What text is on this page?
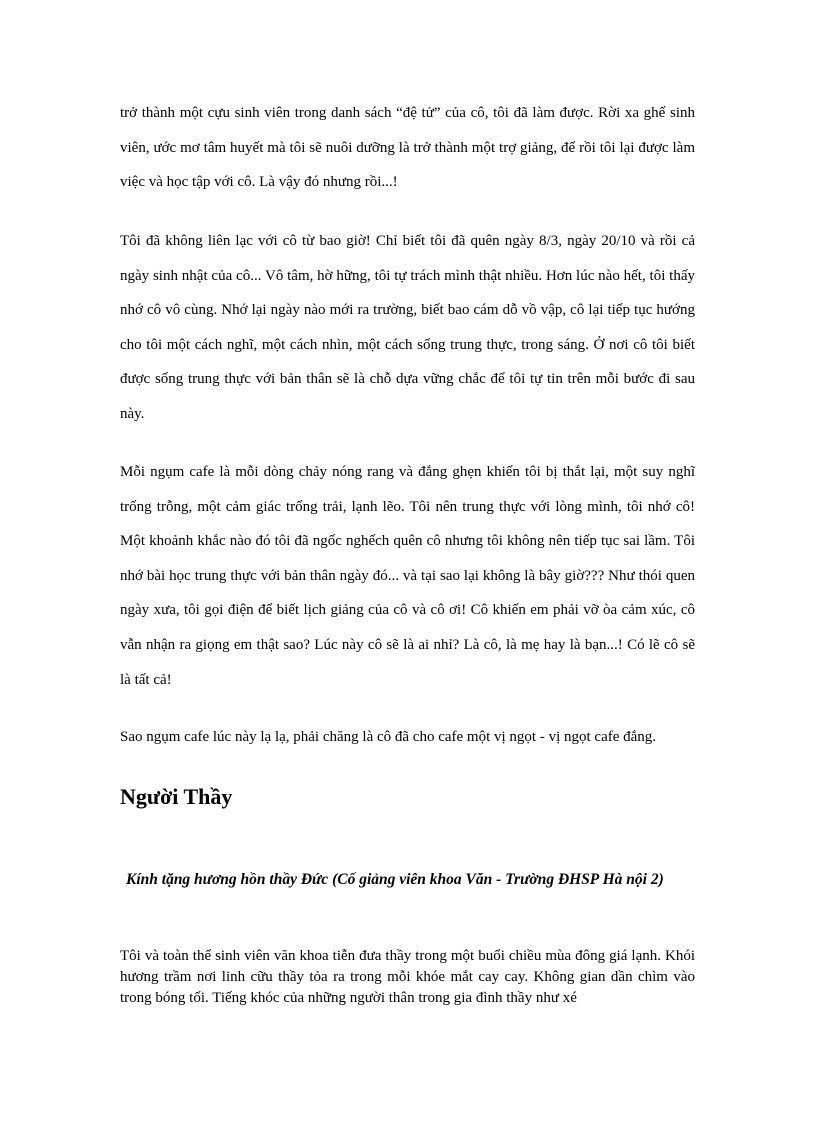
trở thành một cựu sinh viên trong danh sách “đệ tử” của cô, tôi đã làm được. Rời xa ghế sinh viên, ước mơ tâm huyết mà tôi sẽ nuôi dưỡng là trở thành một trợ giảng, để rồi tôi lại được làm việc và học tập với cô. Là vậy đó nhưng rồi...!

Tôi đã không liên lạc với cô từ bao giờ! Chỉ biết tôi đã quên ngày 8/3, ngày 20/10 và rồi cả ngày sinh nhật của cô... Vô tâm, hờ hững, tôi tự trách mình thật nhiều. Hơn lúc nào hết, tôi thấy nhớ cô vô cùng. Nhớ lại ngày nào mới ra trường, biết bao cám dỗ vồ vập, cô lại tiếp tục hướng cho tôi một cách nghĩ, một cách nhìn, một cách sống trung thực, trong sáng. Ở nơi cô tôi biết được sống trung thực với bản thân sẽ là chỗ dựa vững chắc để tôi tự tin trên mỗi bước đi sau này.

Mỗi ngụm cafe là mỗi dòng chảy nóng rang và đắng ghẹn khiến tôi bị thắt lại, một suy nghĩ trống trỗng, một cảm giác trống trải, lạnh lẽo. Tôi nên trung thực với lòng mình, tôi nhớ cô! Một khoảnh khắc nào đó tôi đã ngốc nghếch quên cô nhưng tôi không nên tiếp tục sai lầm. Tôi nhớ bài học trung thực với bản thân ngày đó... và tại sao lại không là bây giờ??? Như thói quen ngày xưa, tôi gọi điện để biết lịch giảng của cô và cô ơi! Cô khiến em phải vỡ òa cảm xúc, cô vẫn nhận ra giọng em thật sao? Lúc này cô sẽ là ai nhỉ? Là cô, là mẹ hay là bạn...! Có lẽ cô sẽ là tất cả!

Sao ngụm cafe lúc này lạ lạ, phải chăng là cô đã cho cafe một vị ngọt - vị ngọt cafe đắng.

Người Thầy

Kính tặng hương hồn thầy Đức (Cố giảng viên khoa Văn - Trường ĐHSP Hà nội 2)

Tôi và toàn thể sinh viên văn khoa tiễn đưa thầy trong một buổi chiều mùa đông giá lạnh. Khói hương trầm nơi linh cữu thầy tỏa ra trong mỗi khóe mắt cay cay. Không gian dần chìm vào trong bóng tối. Tiếng khóc của những người thân trong gia đình thầy như xé
